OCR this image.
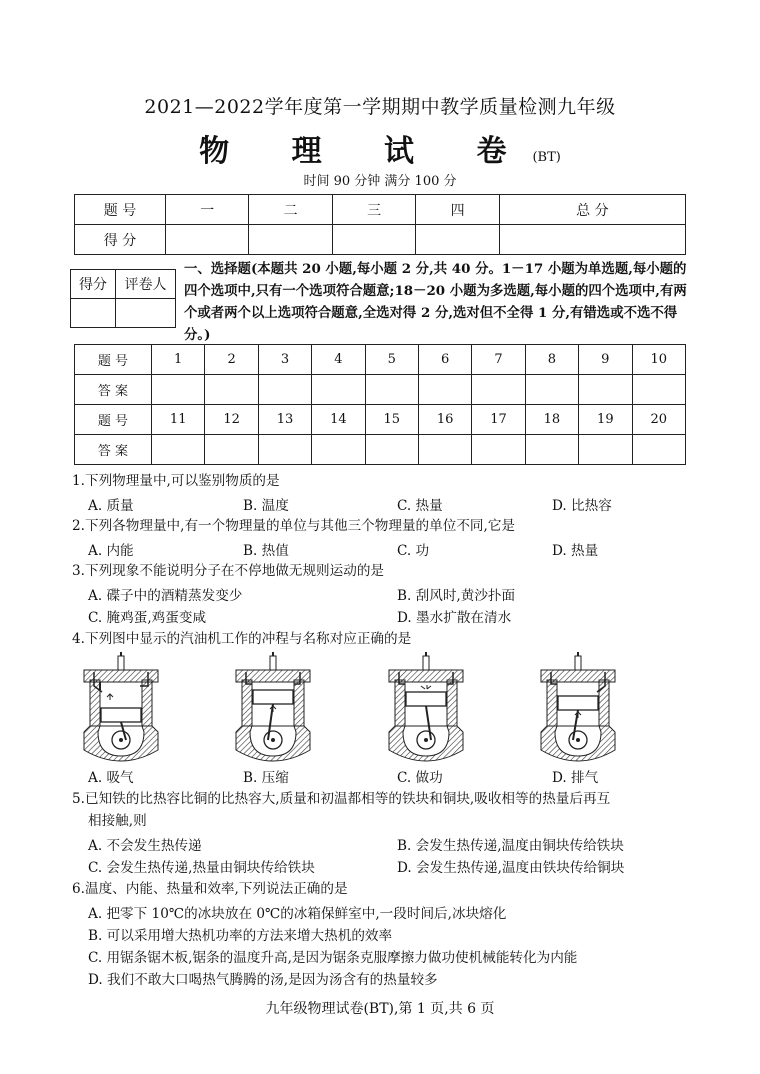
2021—2022学年度第一学期期中教学质量检测九年级
物 理 试 卷(BT)
时间 90 分钟 满分 100 分
题 号	一	二	三	四	总 分
得 分					
得分	评卷人

一、选择题(本题共 20 小题,每小题 2 分,共 40 分。1－17 小题为单选题,每小题的四个选项中,只有一个选项符合题意;18－20 小题为多选题,每小题的四个选项中,有两个或者两个以上选项符合题意,全选对得 2 分,选对但不全得 1 分,有错选或不选不得分。)
题 号	1	2	3	4	5	6	7	8	9	10
答 案										
题 号	11	12	13	14	15	16	17	18	19	20
答 案										
1.下列物理量中,可以鉴别物质的是
A. 质量	B. 温度	C. 热量	D. 比热容
2.下列各物理量中,有一个物理量的单位与其他三个物理量的单位不同,它是
A. 内能	B. 热值	C. 功	D. 热量
3.下列现象不能说明分子在不停地做无规则运动的是
A. 碟子中的酒精蒸发变少	B. 刮风时,黄沙扑面
C. 腌鸡蛋,鸡蛋变咸	D. 墨水扩散在清水
4.下列图中显示的汽油机工作的冲程与名称对应正确的是
A. 吸气	B. 压缩	C. 做功	D. 排气
5.已知铁的比热容比铜的比热容大,质量和初温都相等的铁块和铜块,吸收相等的热量后再互
相接触,则
A. 不会发生热传递	B. 会发生热传递,温度由铜块传给铁块
C. 会发生热传递,热量由铜块传给铁块	D. 会发生热传递,温度由铁块传给铜块
6.温度、内能、热量和效率,下列说法正确的是
A. 把零下 10℃的冰块放在 0℃的冰箱保鲜室中,一段时间后,冰块熔化
B. 可以采用增大热机功率的方法来增大热机的效率
C. 用锯条锯木板,锯条的温度升高,是因为锯条克服摩擦力做功使机械能转化为内能
D. 我们不敢大口喝热气腾腾的汤,是因为汤含有的热量较多
九年级物理试卷(BT),第 1 页,共 6 页
